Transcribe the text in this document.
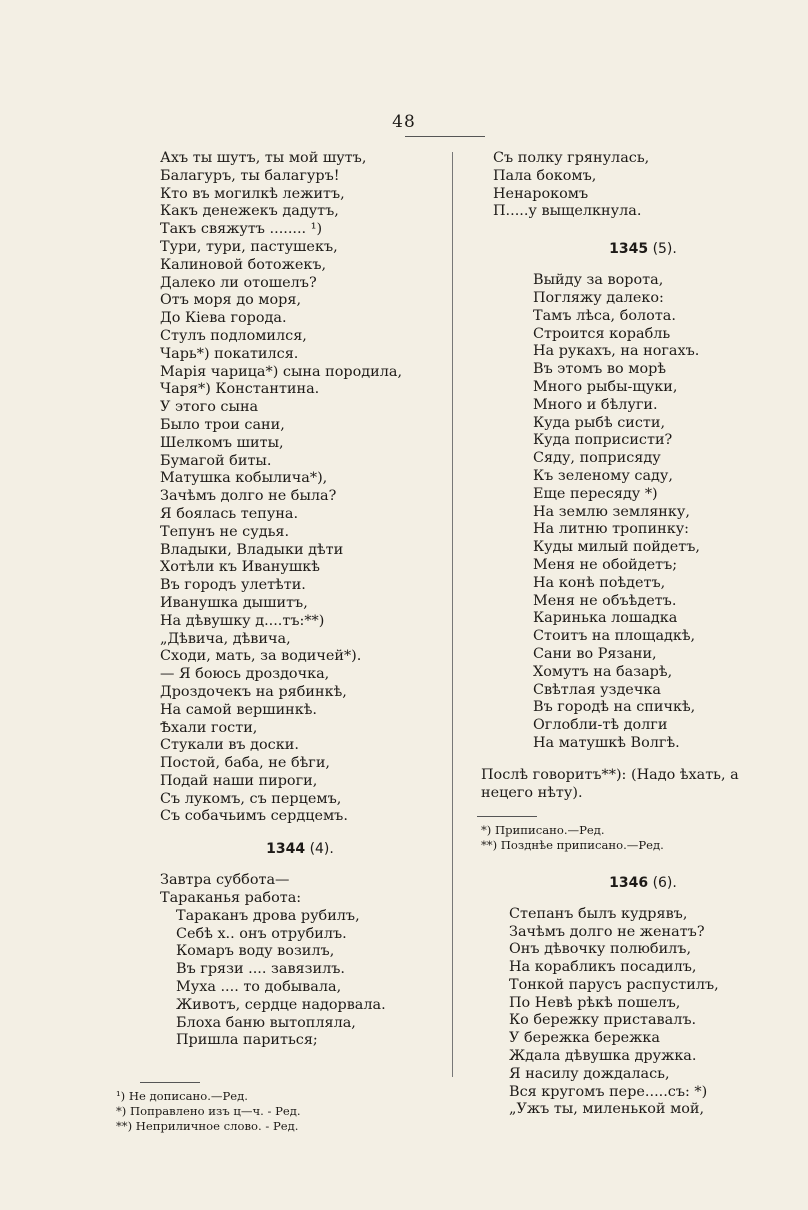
48
Ахъ ты шутъ, ты мой шутъ,
Балагуръ, ты балагуръ!
Кто въ могилкѣ лежитъ,
Какъ денежекъ дадутъ,
Такъ свяжутъ ........ ¹)
Тури, тури, пастушекъ,
Калиновой ботожекъ,
Далеко ли отошелъ?
Отъ моря до моря,
До Кіева города.
Стулъ подломился,
Чарь*) покатился.
Марія чарица*) сына породила,
Чаря*) Константина.
У этого сына
Было трои сани,
Шелкомъ шиты,
Бумагой биты.
Матушка кобылича*),
Зачѣмъ долго не была?
Я боялась тепуна.
Тепунъ не судья.
Владыки, Владыки дѣти
Хотѣли къ Иванушкѣ
Въ городъ улетѣти.
Иванушка дышитъ,
На дѣвушку д....тъ:**)
„Дѣвича, дѣвича,
Сходи, мать, за водичей*).
— Я боюсь дроздочка,
Дроздочекъ на рябинкѣ,
На самой вершинкѣ.
Ѣхали гости,
Стукали въ доски.
Постой, баба, не бѣги,
Подай наши пироги,
Съ лукомъ, съ перцемъ,
Съ собачьимъ сердцемъ.
1344 (4).
Завтра суббота—
Тараканья работа:
Тараканъ дрова рубилъ,
Себѣ х.. онъ отрубилъ.
Комаръ воду возилъ,
Въ грязи .... завязилъ.
Муха .... то добывала,
Животъ, сердце надорвала.
Блоха баню вытопляла,
Пришла париться;
¹) Не дописано.—Ред.
*) Поправлено изъ ц—ч. - Ред.
**) Неприличное слово. - Ред.
Съ полку грянулась,
Пала бокомъ,
Ненарокомъ
П.....у выщелкнула.
1345 (5).
Выйду за ворота,
Погляжу далеко:
Тамъ лѣса, болота.
Строится корабль
На рукахъ, на ногахъ.
Въ этомъ во морѣ
Много рыбы-щуки,
Много и бѣлуги.
Куда рыбѣ систи,
Куда поприсисти?
Сяду, поприсяду
Къ зеленому саду,
Еще пересяду *)
На землю землянку,
На литню тропинку:
Куды милый пойдетъ,
Меня не обойдетъ;
На конѣ поѣдетъ,
Меня не объѣдетъ.
Каринька лошадка
Стоитъ на площадкѣ,
Сани во Рязани,
Хомутъ на базарѣ,
Свѣтлая уздечка
Въ городѣ на спичкѣ,
Оглобли-тѣ долги
На матушкѣ Волгѣ.
Послѣ говоритъ**): (Надо ѣхать, а нецего нѣту).
*) Приписано.—Ред.
**) Позднѣе приписано.—Ред.
1346 (6).
Степанъ былъ кудрявъ,
Зачѣмъ долго не женатъ?
Онъ дѣвочку полюбилъ,
На корабликъ посадилъ,
Тонкой парусъ распустилъ,
По Невѣ рѣкѣ пошелъ,
Ко бережку приставалъ.
У бережка бережка
Ждала дѣвушка дружка.
Я насилу дождалась,
Вся кругомъ пере.....съ: *)
„Ужъ ты, миленькой мой,
